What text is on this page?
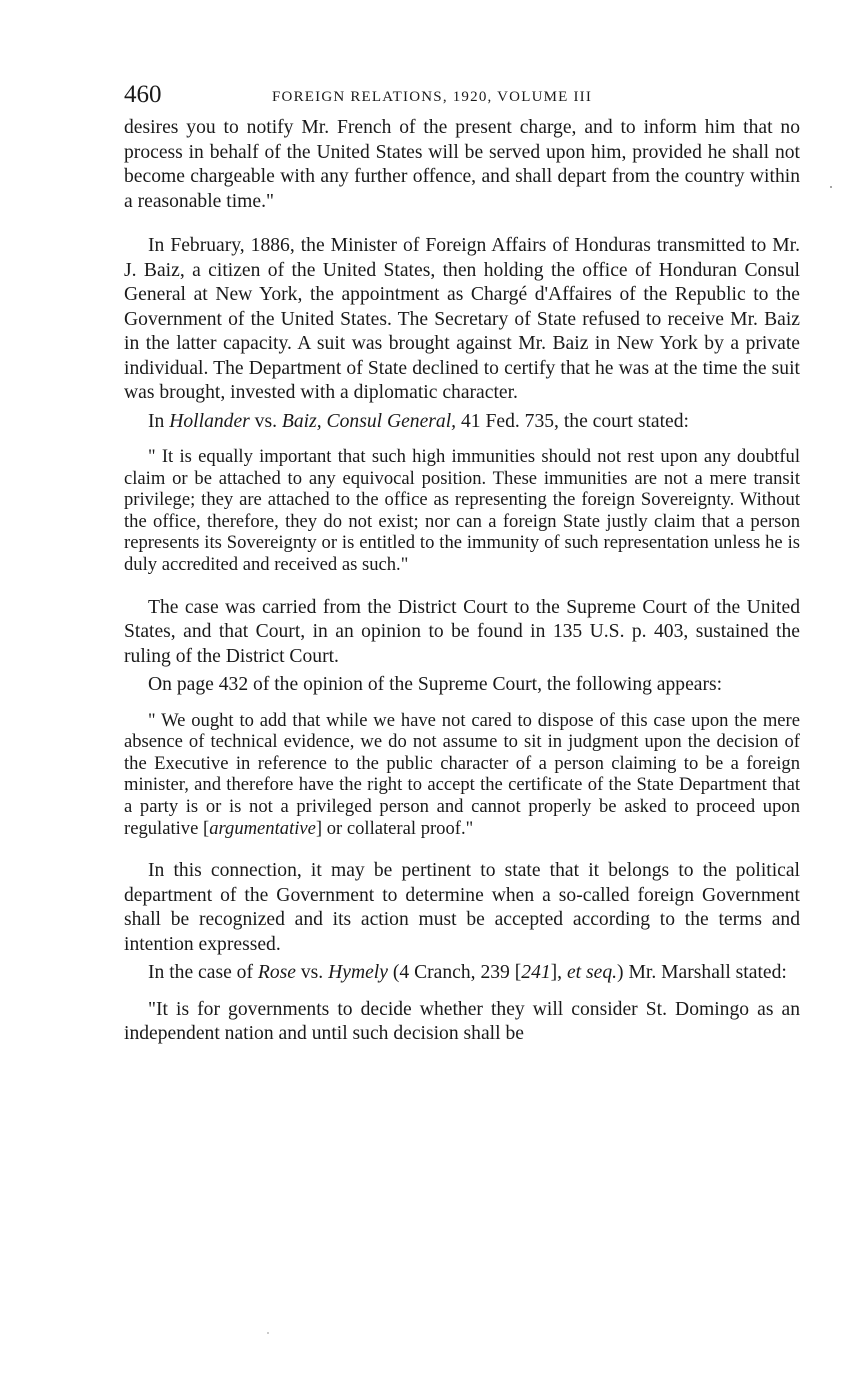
460	FOREIGN RELATIONS, 1920, VOLUME III

desires you to notify Mr. French of the present charge, and to inform him that no process in behalf of the United States will be served upon him, provided he shall not become chargeable with any further offence, and shall depart from the country within a reasonable time."

In February, 1886, the Minister of Foreign Affairs of Honduras transmitted to Mr. J. Baiz, a citizen of the United States, then holding the office of Honduran Consul General at New York, the appointment as Chargé d'Affaires of the Republic to the Government of the United States. The Secretary of State refused to receive Mr. Baiz in the latter capacity. A suit was brought against Mr. Baiz in New York by a private individual. The Department of State declined to certify that he was at the time the suit was brought, invested with a diplomatic character.

In Hollander vs. Baiz, Consul General, 41 Fed. 735, the court stated:

" It is equally important that such high immunities should not rest upon any doubtful claim or be attached to any equivocal position. These immunities are not a mere transit privilege; they are attached to the office as representing the foreign Sovereignty. Without the office, therefore, they do not exist; nor can a foreign State justly claim that a person represents its Sovereignty or is entitled to the immunity of such representation unless he is duly accredited and received as such."

The case was carried from the District Court to the Supreme Court of the United States, and that Court, in an opinion to be found in 135 U.S. p. 403, sustained the ruling of the District Court.

On page 432 of the opinion of the Supreme Court, the following appears:

" We ought to add that while we have not cared to dispose of this case upon the mere absence of technical evidence, we do not assume to sit in judgment upon the decision of the Executive in reference to the public character of a person claiming to be a foreign minister, and therefore have the right to accept the certificate of the State Department that a party is or is not a privileged person and cannot properly be asked to proceed upon regulative [argumentative] or collateral proof."

In this connection, it may be pertinent to state that it belongs to the political department of the Government to determine when a so-called foreign Government shall be recognized and its action must be accepted according to the terms and intention expressed.

In the case of Rose vs. Hymely (4 Cranch, 239 [241], et seq.) Mr. Marshall stated:

"It is for governments to decide whether they will consider St. Domingo as an independent nation and until such decision shall be
